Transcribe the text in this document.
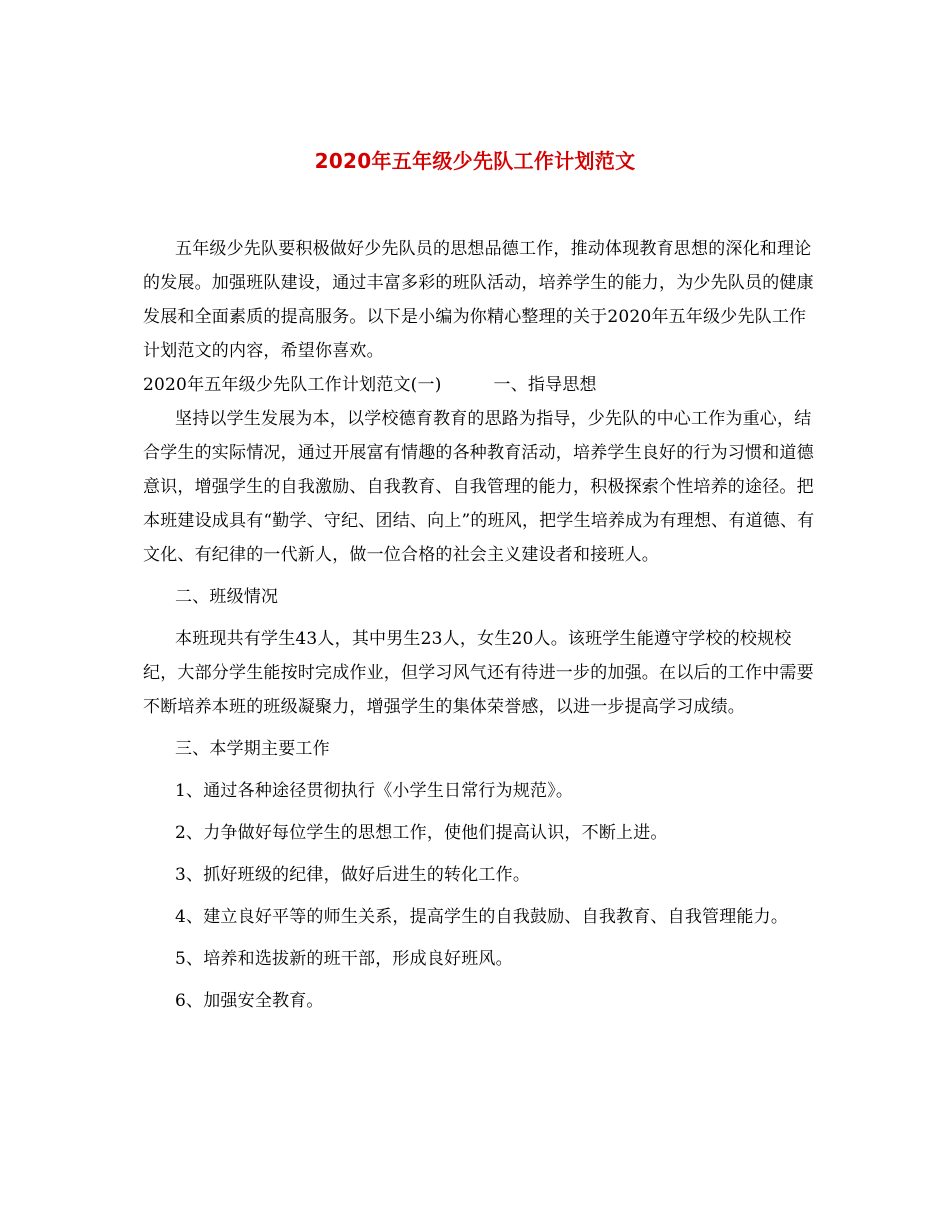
2020年五年级少先队工作计划范文

五年级少先队要积极做好少先队员的思想品德工作，推动体现教育思想的深化和理论的发展。加强班队建设，通过丰富多彩的班队活动，培养学生的能力，为少先队员的健康发展和全面素质的提高服务。以下是小编为你精心整理的关于2020年五年级少先队工作计划范文的内容，希望你喜欢。

2020年五年级少先队工作计划范文(一)	一、指导思想

坚持以学生发展为本，以学校德育教育的思路为指导，少先队的中心工作为重心，结合学生的实际情况，通过开展富有情趣的各种教育活动，培养学生良好的行为习惯和道德意识，增强学生的自我激励、自我教育、自我管理的能力，积极探索个性培养的途径。把本班建设成具有“勤学、守纪、团结、向上”的班风，把学生培养成为有理想、有道德、有文化、有纪律的一代新人，做一位合格的社会主义建设者和接班人。

二、班级情况

本班现共有学生43人，其中男生23人，女生20人。该班学生能遵守学校的校规校纪，大部分学生能按时完成作业，但学习风气还有待进一步的加强。在以后的工作中需要不断培养本班的班级凝聚力，增强学生的集体荣誉感，以进一步提高学习成绩。

三、本学期主要工作

1、通过各种途径贯彻执行《小学生日常行为规范》。

2、力争做好每位学生的思想工作，使他们提高认识，不断上进。

3、抓好班级的纪律，做好后进生的转化工作。

4、建立良好平等的师生关系，提高学生的自我鼓励、自我教育、自我管理能力。

5、培养和选拔新的班干部，形成良好班风。

6、加强安全教育。
